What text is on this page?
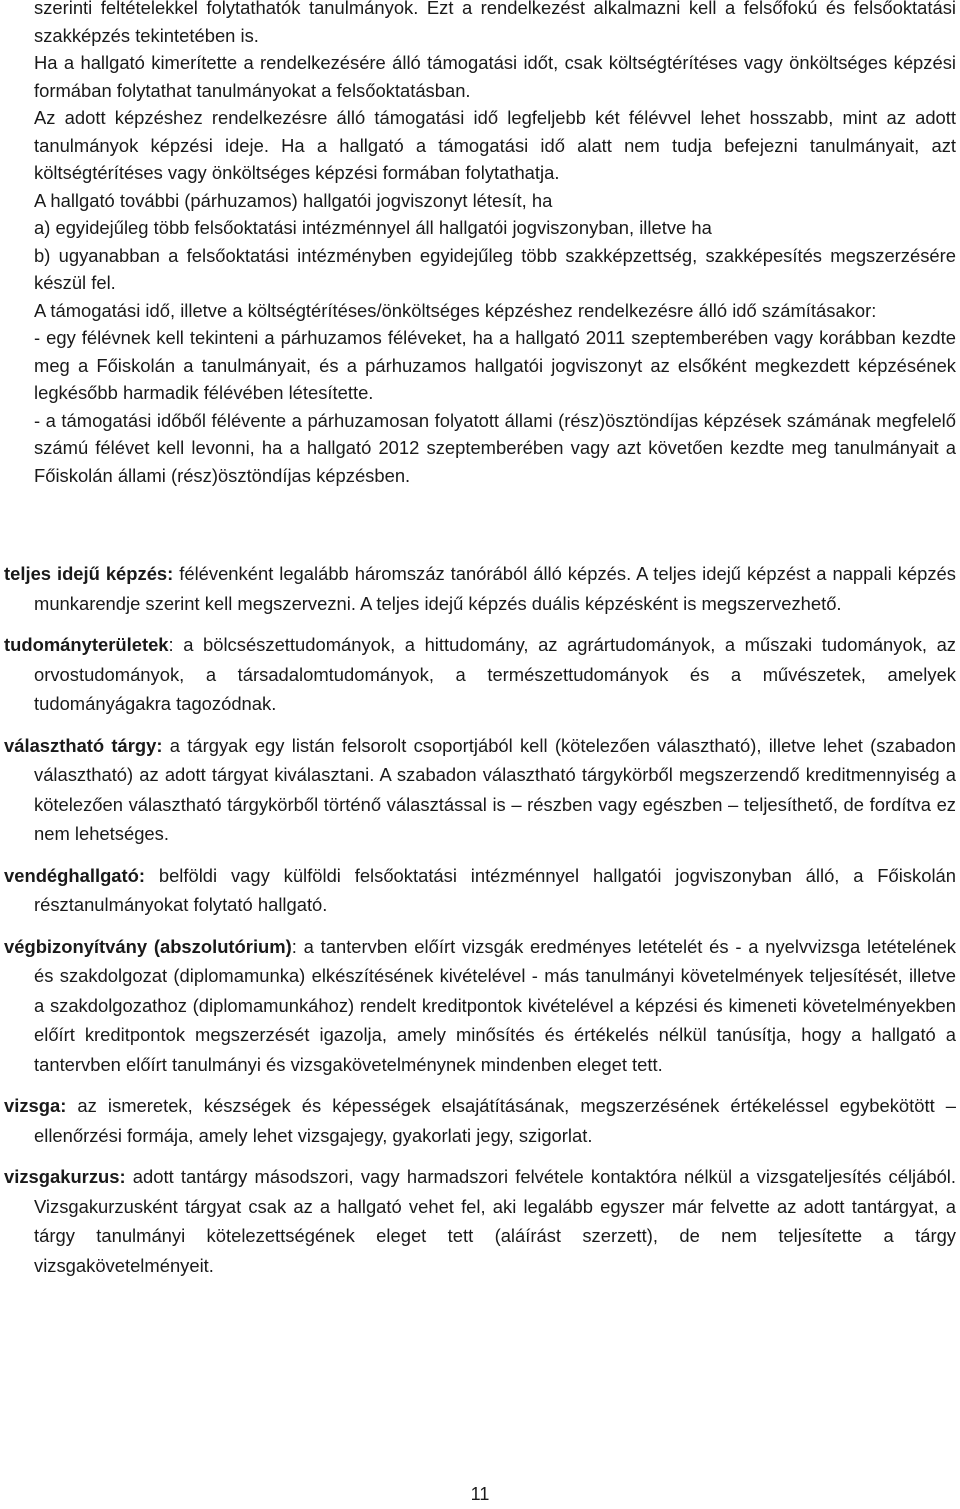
szerinti feltételekkel folytathatók tanulmányok. Ezt a rendelkezést alkalmazni kell a felsőfokú és felsőoktatási szakképzés tekintetében is.

Ha a hallgató kimerítette a rendelkezésére álló támogatási időt, csak költségtérítéses vagy önköltséges képzési formában folytathat tanulmányokat a felsőoktatásban.

Az adott képzéshez rendelkezésre álló támogatási idő legfeljebb két félévvel lehet hosszabb, mint az adott tanulmányok képzési ideje. Ha a hallgató a támogatási idő alatt nem tudja befejezni tanulmányait, azt költségtérítéses vagy önköltséges képzési formában folytathatja.

A hallgató további (párhuzamos) hallgatói jogviszonyt létesít, ha

a) egyidejűleg több felsőoktatási intézménnyel áll hallgatói jogviszonyban, illetve ha

b) ugyanabban a felsőoktatási intézményben egyidejűleg több szakképzettség, szakképesítés megszerzésére készül fel.

A támogatási idő, illetve a költségtérítéses/önköltséges képzéshez rendelkezésre álló idő számításakor:

- egy félévnek kell tekinteni a párhuzamos féléveket, ha a hallgató 2011 szeptemberében vagy korábban kezdte meg a Főiskolán a tanulmányait, és a párhuzamos hallgatói jogviszonyt az elsőként megkezdett képzésének legkésőbb harmadik félévében létesítette.

- a támogatási időből félévente a párhuzamosan folyatott állami (rész)ösztöndíjas képzések számának megfelelő számú félévet kell levonni, ha a hallgató 2012 szeptemberében vagy azt követően kezdte meg tanulmányait a Főiskolán állami (rész)ösztöndíjas képzésben.

teljes idejű képzés: félévenként legalább háromszáz tanórából álló képzés. A teljes idejű képzést a nappali képzés munkarendje szerint kell megszervezni. A teljes idejű képzés duális képzésként is megszervezhető.

tudományterületek: a bölcsészettudományok, a hittudomány, az agrártudományok, a műszaki tudományok, az orvostudományok, a társadalomtudományok, a természettudományok és a művészetek, amelyek tudományágakra tagozódnak.

választható tárgy: a tárgyak egy listán felsorolt csoportjából kell (kötelezően választható), illetve lehet (szabadon választható) az adott tárgyat kiválasztani. A szabadon választható tárgykörből megszerzendő kreditmennyiség a kötelezően választható tárgykörből történő választással is – részben vagy egészben – teljesíthető, de fordítva ez nem lehetséges.

vendéghallgató: belföldi vagy külföldi felsőoktatási intézménnyel hallgatói jogviszonyban álló, a Főiskolán résztanulmányokat folytató hallgató.

végbizonyítvány (abszolutórium): a tantervben előírt vizsgák eredményes letételét és - a nyelvvizsga letételének és szakdolgozat (diplomamunka) elkészítésének kivételével - más tanulmányi követelmények teljesítését, illetve a szakdolgozathoz (diplomamunkához) rendelt kreditpontok kivételével a képzési és kimeneti követelményekben előírt kreditpontok megszerzését igazolja, amely minősítés és értékelés nélkül tanúsítja, hogy a hallgató a tantervben előírt tanulmányi és vizsgakövetelménynek mindenben eleget tett.

vizsga: az ismeretek, készségek és képességek elsajátításának, megszerzésének értékeléssel egybekötött – ellenőrzési formája, amely lehet vizsgajegy, gyakorlati jegy, szigorlat.

vizsgakurzus: adott tantárgy másodszori, vagy harmadszori felvétele kontaktóra nélkül a vizsgateljesítés céljából. Vizsgakurzusként tárgyat csak az a hallgató vehet fel, aki legalább egyszer már felvette az adott tantárgyat, a tárgy tanulmányi kötelezettségének eleget tett (aláírást szerzett), de nem teljesítette a tárgy vizsgakövetelményeit.

11
